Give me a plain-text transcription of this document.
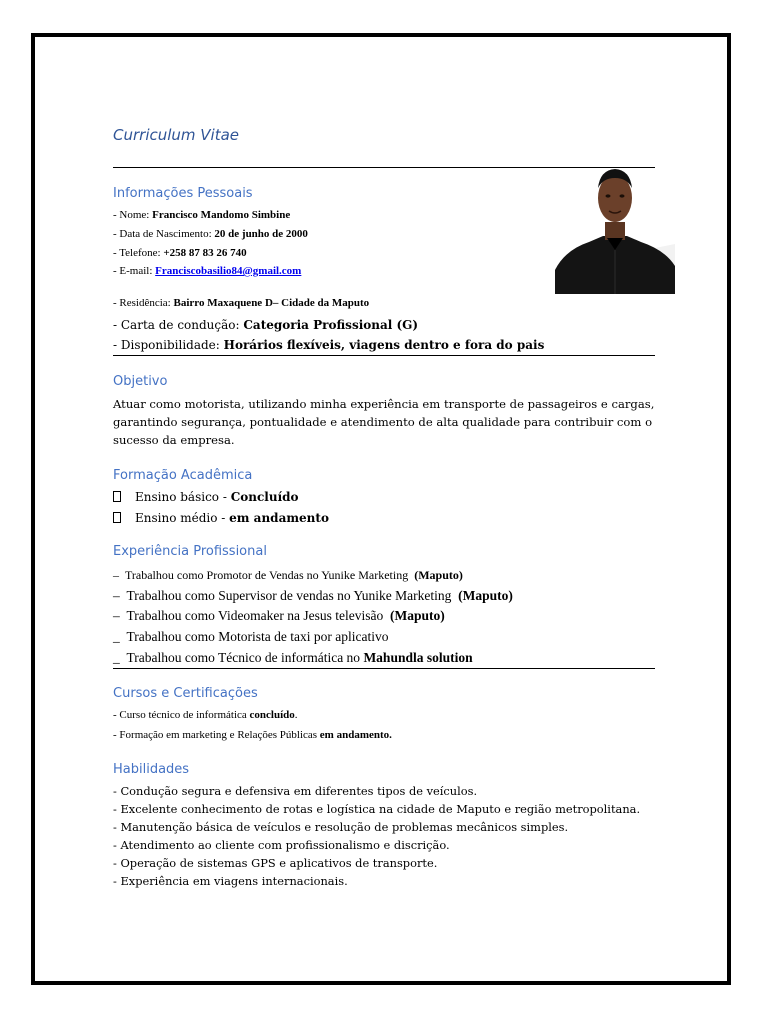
Curriculum Vitae
Informações Pessoais
- Nome: Francisco Mandomo Simbine
- Data de Nascimento: 20 de junho de 2000
- Telefone: +258 87 83 26 740
- E-mail: Franciscobasilio84@gmail.com
- Residência: Bairro Maxaquene D– Cidade da Maputo
- Carta de condução: Categoria Profissional (G)
- Disponibilidade: Horários flexíveis, viagens dentro e fora do pais
Objetivo
Atuar como motorista, utilizando minha experiência em transporte de passageiros e cargas,
garantindo segurança, pontualidade e atendimento de alta qualidade para contribuir com o
sucesso da empresa.
Formação Acadêmica
Ensino básico - Concluído
Ensino médio - em andamento
Experiência Profissional
– Trabalhou como Promotor de Vendas no Yunike Marketing  (Maputo)
– Trabalhou como Supervisor de vendas no Yunike Marketing  (Maputo)
– Trabalhou como Videomaker na Jesus televisão  (Maputo)
_ Trabalhou como Motorista de taxi por aplicativo
_ Trabalhou como Técnico de informática no Mahundla solution
Cursos e Certificações
- Curso técnico de informática concluído.
- Formação em marketing e Relações Públicas em andamento.
Habilidades
- Condução segura e defensiva em diferentes tipos de veículos.
- Excelente conhecimento de rotas e logística na cidade de Maputo e região metropolitana.
- Manutenção básica de veículos e resolução de problemas mecânicos simples.
- Atendimento ao cliente com profissionalismo e discrição.
- Operação de sistemas GPS e aplicativos de transporte.
- Experiência em viagens internacionais.
